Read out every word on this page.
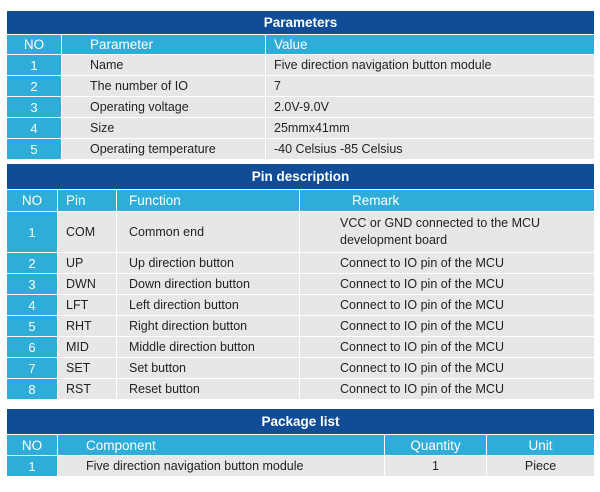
Parameters		
NO	Parameter	Value
1	Name	Five direction navigation button module
2	The number of IO	7
3	Operating voltage	2.0V-9.0V
4	Size	25mmx41mm
5	Operating temperature	-40 Celsius -85 Celsius
Pin description			
NO	Pin	Function	Remark
1	COM	Common end	VCC or GND connected to the MCU development board
2	UP	Up direction button	Connect to IO pin of the MCU
3	DWN	Down direction button	Connect to IO pin of the MCU
4	LFT	Left direction button	Connect to IO pin of the MCU
5	RHT	Right direction button	Connect to IO pin of the MCU
6	MID	Middle direction button	Connect to IO pin of the MCU
7	SET	Set button	Connect to IO pin of the MCU
8	RST	Reset button	Connect to IO pin of the MCU
Package list			
NO	Component	Quantity	Unit
1	Five direction navigation button module	1	Piece
